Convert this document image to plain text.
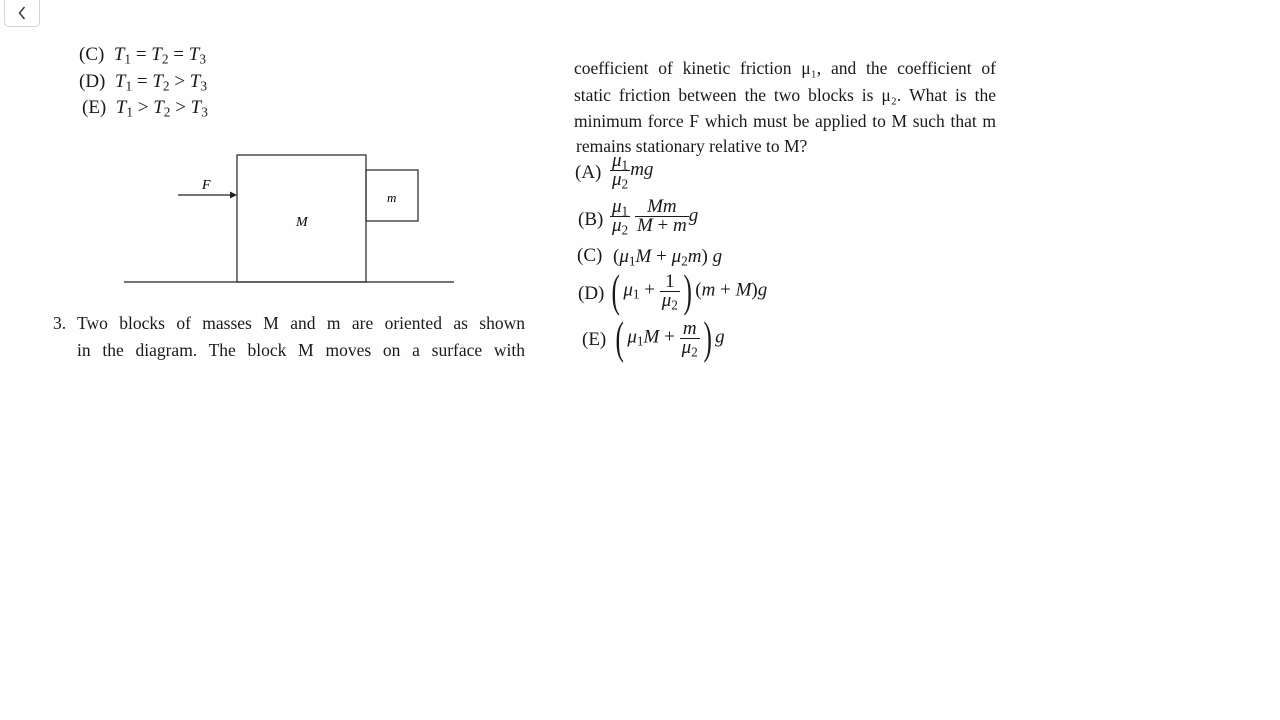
(C) $T_1 = T_2 = T_3$
(D) $T_1 = T_2 > T_3$
(E) $T_1 > T_2 > T_3$
F
M
m
3. Two blocks of masses M and m are oriented as shown
in the diagram. The block M moves on a surface with
coefficient of kinetic friction μ₁, and the coefficient of
static friction between the two blocks is μ₂. What is the
minimum force F which must be applied to M such that m
remains stationary relative to M?
$(A) \frac{\mu_1}{\mu_2}$ mg
$(B) \frac{\mu_1}{\mu_2}$
$\frac{Mm}{M + m}$ g
(C) $(\mu_1M + \mu_2m)$ g
(D) ( $\mu_1 + \frac{1}{\mu_2}$ ) (m + M)g
(E) ( $\mu_1M + \frac{m}{\mu_2}$ ) g
